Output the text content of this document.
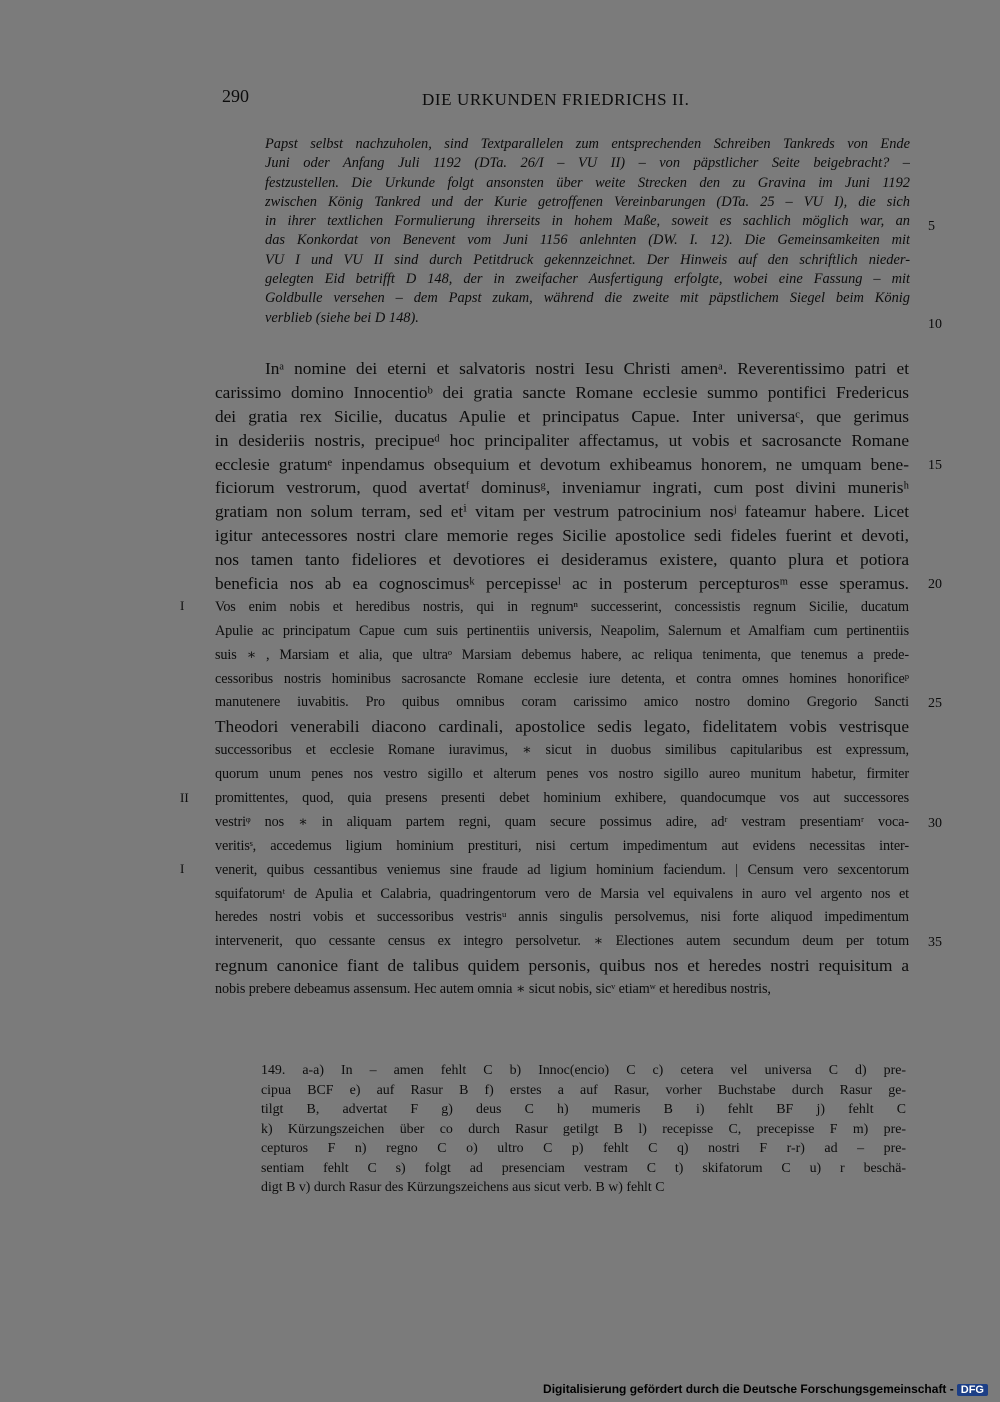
290	DIE URKUNDEN FRIEDRICHS II.
Papst selbst nachzuholen, sind Textparallelen zum entsprechenden Schreiben Tankreds von Ende
Juni oder Anfang Juli 1192 (DTa. 26/I – VU II) – von päpstlicher Seite beigebracht? –
festzustellen. Die Urkunde folgt ansonsten über weite Strecken den zu Gravina im Juni 1192
zwischen König Tankred und der Kurie getroffenen Vereinbarungen (DTa. 25 – VU I), die sich
in ihrer textlichen Formulierung ihrerseits in hohem Maße, soweit es sachlich möglich war, an
das Konkordat von Benevent vom Juni 1156 anlehnten (DW. I. 12). Die Gemeinsamkeiten mit
VU I und VU II sind durch Petitdruck gekennzeichnet. Der Hinweis auf den schriftlich nieder-
gelegten Eid betrifft D 148, der in zweifacher Ausfertigung erfolgte, wobei eine Fassung – mit
Goldbulle versehen – dem Papst zukam, während die zweite mit päpstlichem Siegel beim König
verblieb (siehe bei D 148).
Inᵃ nomine dei eterni et salvatoris nostri Iesu Christi amenᵃ. Reverentissimo patri et
carissimo domino Innocentioᵇ dei gratia sancte Romane ecclesie summo pontifici Fredericus
dei gratia rex Sicilie, ducatus Apulie et principatus Capue. Inter universaᶜ, que gerimus
in desideriis nostris, precipueᵈ hoc principaliter affectamus, ut vobis et sacrosancte Romane
ecclesie gratumᵉ inpendamus obsequium et devotum exhibeamus honorem, ne umquam bene-
ficiorum vestrorum, quod avertatᶠ dominusᵍ, inveniamur ingrati, cum post divini munerisʰ
gratiam non solum terram, sed etⁱ vitam per vestrum patrocinium nosʲ fateamur habere. Licet
igitur antecessores nostri clare memorie reges Sicilie apostolice sedi fideles fuerint et devoti,
nos tamen tanto fideliores et devotiores ei desideramus existere, quanto plura et potiora
beneficia nos ab ea cognoscimusᵏ percepisseˡ ac in posterum percepturosᵐ esse speramus.
Vos enim nobis et heredibus nostris, qui in regnumⁿ successerint, concessistis regnum Sicilie, ducatum
Apulie ac principatum Capue cum suis pertinentiis universis, Neapolim, Salernum et Amalfiam cum pertinentiis
suis ∗ , Marsiam et alia, que ultraᵒ Marsiam debemus habere, ac reliqua tenimenta, que tenemus a prede-
cessoribus nostris hominibus sacrosancte Romane ecclesie iure detenta, et contra omnes homines honorificeᵖ
manutenere iuvabitis. Pro quibus omnibus coram carissimo amico nostro domino Gregorio Sancti
Theodori venerabili diacono cardinali, apostolice sedis legato, fidelitatem vobis vestrisque
successoribus et ecclesie Romane iuravimus, ∗ sicut in duobus similibus capitularibus est expressum,
quorum unum penes nos vestro sigillo et alterum penes vos nostro sigillo aureo munitum habetur, firmiter
promittentes, quod, quia presens presenti debet hominium exhibere, quandocumque vos aut successores
vestriᵠ nos ∗ in aliquam partem regni, quam secure possimus adire, adʳ vestram presentiamʳ voca-
veritisˢ, accedemus ligium hominium prestituri, nisi certum impedimentum aut evidens necessitas inter-
venerit, quibus cessantibus veniemus sine fraude ad ligium hominium faciendum. | Censum vero sexcentorum
squifatorumᵗ de Apulia et Calabria, quadringentorum vero de Marsia vel equivalens in auro vel argento nos et
heredes nostri vobis et successoribus vestrisᵘ annis singulis persolvemus, nisi forte aliquod impedimentum
intervenerit, quo cessante census ex integro persolvetur. ∗ Electiones autem secundum deum per totum
regnum canonice fiant de talibus quidem personis, quibus nos et heredes nostri requisitum a
nobis prebere debeamus assensum. Hec autem omnia ∗ sicut nobis, sicᵛ etiamʷ et heredibus nostris,
5
10
15
20
25
30
35
I
II
I
149. a-a) In – amen fehlt C b) Innoc(encio) C c) cetera vel universa C d) pre-
cipua BCF e) auf Rasur B f) erstes a auf Rasur, vorher Buchstabe durch Rasur ge-
tilgt B, advertat F g) deus C h) mumeris B i) fehlt BF j) fehlt C
k) Kürzungszeichen über co durch Rasur getilgt B l) recepisse C, precepisse F m) pre-
cepturos F n) regno C o) ultro C p) fehlt C q) nostri F r-r) ad – pre-
sentiam fehlt C s) folgt ad presenciam vestram C t) skifatorum C u) r beschä-
digt B v) durch Rasur des Kürzungszeichens aus sicut verb. B w) fehlt C
Digitalisierung gefördert durch die Deutsche Forschungsgemeinschaft - DFG
